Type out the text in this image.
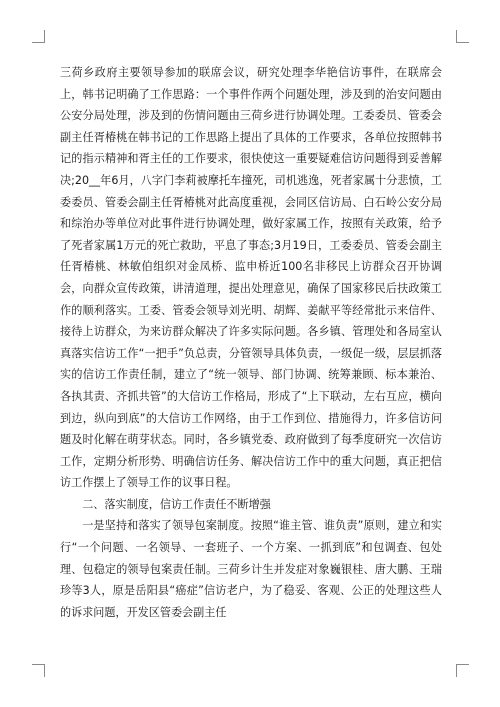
三荷乡政府主要领导参加的联席会议，研究处理李华艳信访事件，在联席会上，韩书记明确了工作思路：一个事件作两个问题处理，涉及到的治安问题由公安分局处理，涉及到的伤情问题由三荷乡进行协调处理。工委委员、管委会副主任胥椿桃在韩书记的工作思路上提出了具体的工作要求，各单位按照韩书记的指示精神和胥主任的工作要求，很快使这一重要疑难信访问题得到妥善解决;20__年6月，八字门李莉被摩托车撞死，司机逃逸，死者家属十分悲愤，工委委员、管委会副主任胥椿桃对此高度重视，会同区信访局、白石岭公安分局和综治办等单位对此事件进行协调处理，做好家属工作，按照有关政策，给予了死者家属1万元的死亡救助，平息了事态;3月19日，工委委员、管委会副主任胥椿桃、林敏伯组织对金凤桥、监申桥近100名非移民上访群众召开协调会，向群众宣传政策，讲清道理，提出处理意见，确保了国家移民后扶政策工作的顺利落实。工委、管委会领导刘光明、胡辉、姜献平等经常批示来信件、接待上访群众，为来访群众解决了许多实际问题。各乡镇、管理处和各局室认真落实信访工作“一把手”负总责，分管领导具体负责，一级促一级，层层抓落实的信访工作责任制，建立了“统一领导、部门协调、统筹兼顾、标本兼治、各执其责、齐抓共管”的大信访工作格局，形成了“上下联动，左右互应，横向到边，纵向到底”的大信访工作网络，由于工作到位、措施得力，许多信访问题及时化解在萌芽状态。同时，各乡镇党委、政府做到了每季度研究一次信访工作，定期分析形势、明确信访任务、解决信访工作中的重大问题，真正把信访工作摆上了领导工作的议事日程。

二、落实制度，信访工作责任不断增强

一是坚持和落实了领导包案制度。按照“谁主管、谁负责”原则，建立和实行“一个问题、一名领导、一套班子、一个方案、一抓到底”和包调查、包处理、包稳定的领导包案责任制。三荷乡计生并发症对象巍银桂、唐大鹏、王瑞珍等3人，原是岳阳县“癌症”信访老户，为了稳妥、客观、公正的处理这些人的诉求问题，开发区管委会副主任
